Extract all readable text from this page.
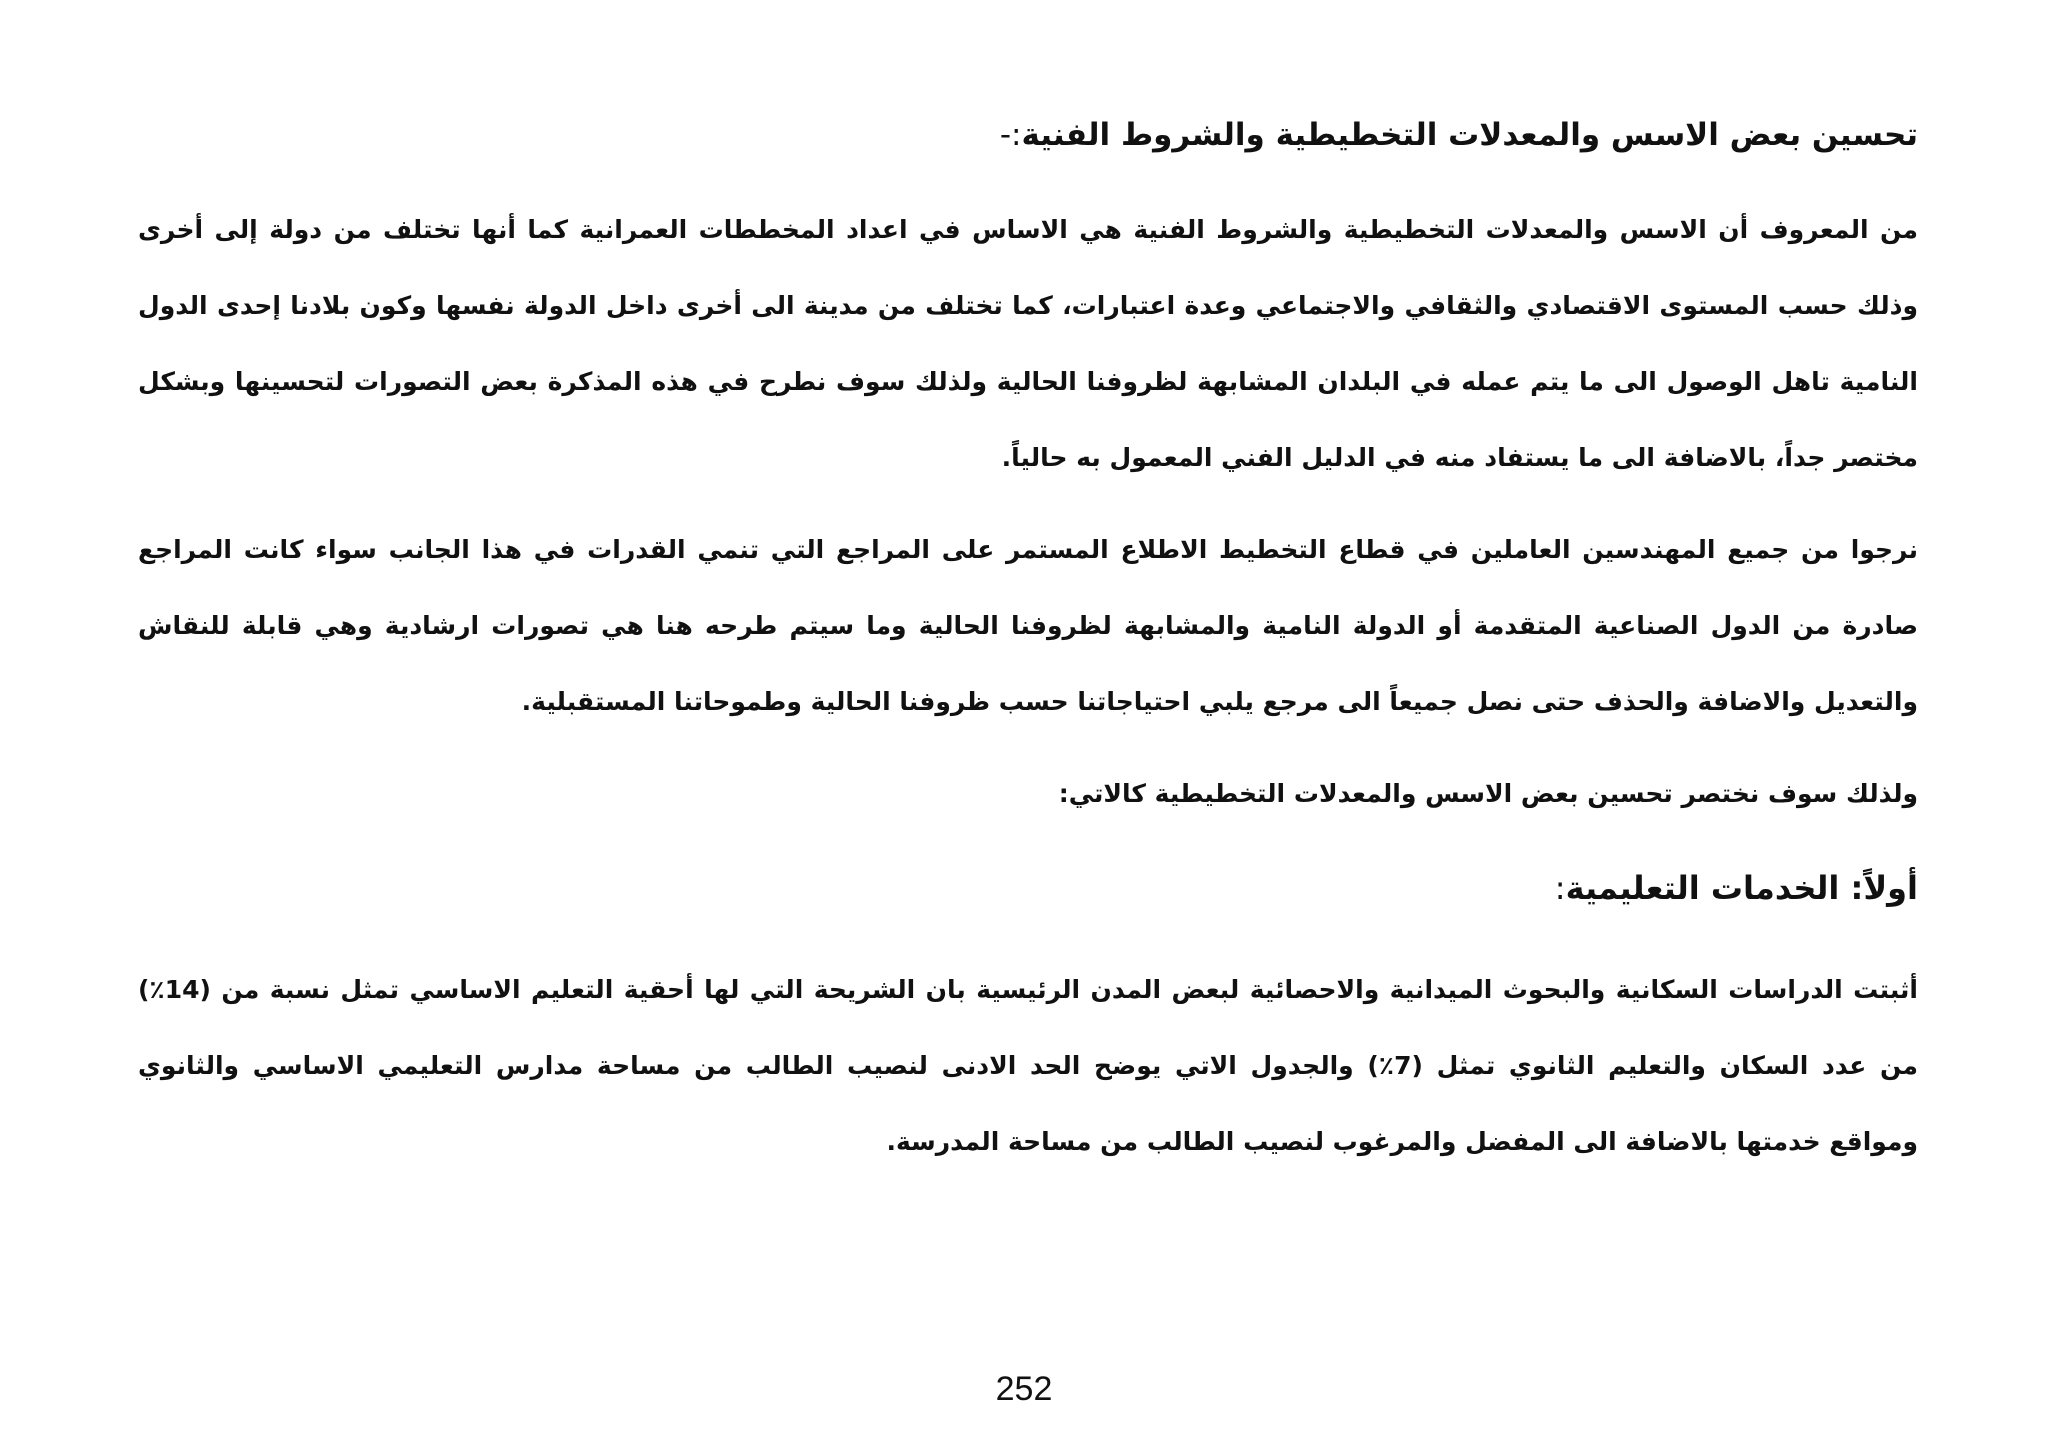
تحسين بعض الاسس والمعدلات التخطيطية والشروط الفنية:-

من المعروف أن الاسس والمعدلات التخطيطية والشروط الفنية هي الاساس في اعداد المخططات العمرانية كما أنها تختلف من دولة إلى أخرى وذلك حسب المستوى الاقتصادي والثقافي والاجتماعي وعدة اعتبارات، كما تختلف من مدينة الى أخرى داخل الدولة نفسها وكون بلادنا إحدى الدول النامية تاهل الوصول الى ما يتم عمله في البلدان المشابهة لظروفنا الحالية ولذلك سوف نطرح في هذه المذكرة بعض التصورات لتحسينها وبشكل مختصر جداً، بالاضافة الى ما يستفاد منه في الدليل الفني المعمول به حالياً.

نرجوا من جميع المهندسين العاملين في قطاع التخطيط الاطلاع المستمر على المراجع التي تنمي القدرات في هذا الجانب سواء كانت المراجع صادرة من الدول الصناعية المتقدمة أو الدولة النامية والمشابهة لظروفنا الحالية وما سيتم طرحه هنا هي تصورات ارشادية وهي قابلة للنقاش والتعديل والاضافة والحذف حتى نصل جميعاً الى مرجع يلبي احتياجاتنا حسب ظروفنا الحالية وطموحاتنا المستقبلية.

ولذلك سوف نختصر تحسين بعض الاسس والمعدلات التخطيطية كالاتي:

أولاً: الخدمات التعليمية:

أثبتت الدراسات السكانية والبحوث الميدانية والاحصائية لبعض المدن الرئيسية بان الشريحة التي لها أحقية التعليم الاساسي تمثل نسبة من (14٪) من عدد السكان والتعليم الثانوي تمثل (7٪) والجدول الاتي يوضح الحد الادنى لنصيب الطالب من مساحة مدارس التعليمي الاساسي والثانوي ومواقع خدمتها بالاضافة الى المفضل والمرغوب لنصيب الطالب من مساحة المدرسة.

252
